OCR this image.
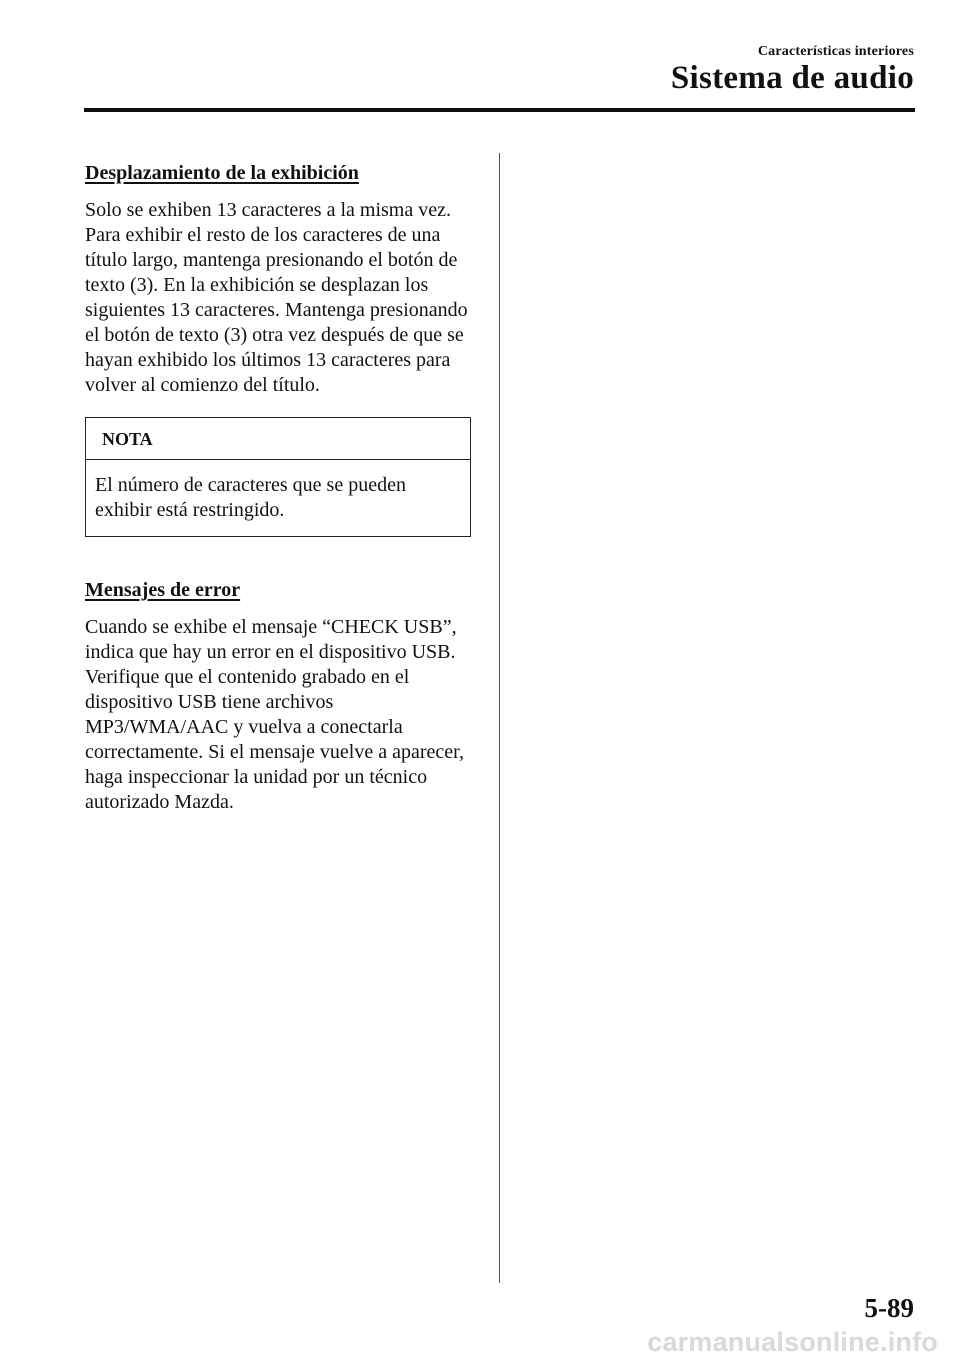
Características interiores
Sistema de audio
Desplazamiento de la exhibición

Solo se exhiben 13 caracteres a la misma vez. Para exhibir el resto de los caracteres de una título largo, mantenga presionando el botón de texto (3). En la exhibición se desplazan los siguientes 13 caracteres. Mantenga presionando el botón de texto (3) otra vez después de que se hayan exhibido los últimos 13 caracteres para volver al comienzo del título.

NOTA
El número de caracteres que se pueden exhibir está restringido.
Mensajes de error

Cuando se exhibe el mensaje “CHECK USB”, indica que hay un error en el dispositivo USB. Verifique que el contenido grabado en el dispositivo USB tiene archivos MP3/WMA/AAC y vuelva a conectarla correctamente. Si el mensaje vuelve a aparecer, haga inspeccionar la unidad por un técnico autorizado Mazda.

5-89
carmanualsonline.info
